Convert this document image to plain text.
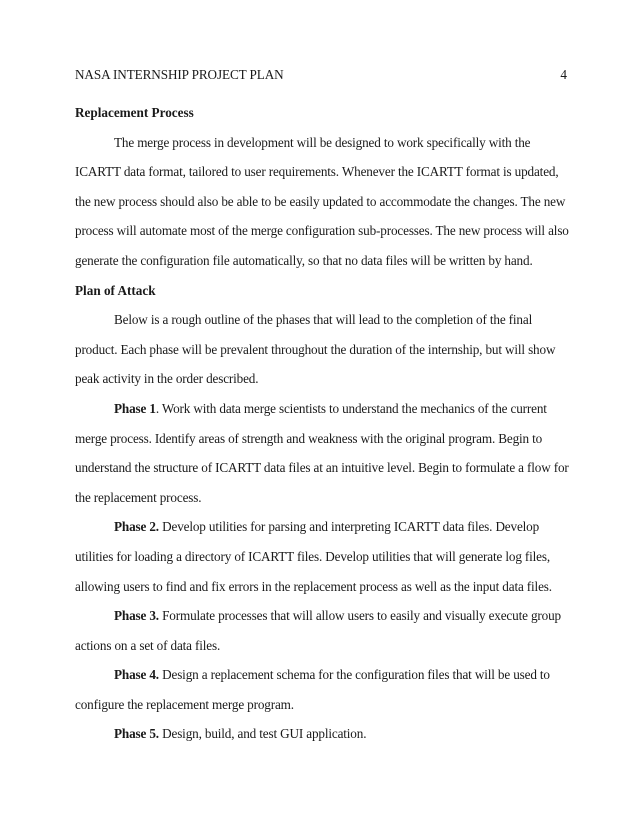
NASA INTERNSHIP PROJECT PLAN	4
Replacement Process
The merge process in development will be designed to work specifically with the
ICARTT data format, tailored to user requirements. Whenever the ICARTT format is updated,
the new process should also be able to be easily updated to accommodate the changes. The new
process will automate most of the merge configuration sub-processes. The new process will also
generate the configuration file automatically, so that no data files will be written by hand.
Plan of Attack
Below is a rough outline of the phases that will lead to the completion of the final
product. Each phase will be prevalent throughout the duration of the internship, but will show
peak activity in the order described.
Phase 1. Work with data merge scientists to understand the mechanics of the current
merge process. Identify areas of strength and weakness with the original program. Begin to
understand the structure of ICARTT data files at an intuitive level. Begin to formulate a flow for
the replacement process.
Phase 2. Develop utilities for parsing and interpreting ICARTT data files. Develop
utilities for loading a directory of ICARTT files. Develop utilities that will generate log files,
allowing users to find and fix errors in the replacement process as well as the input data files.
Phase 3. Formulate processes that will allow users to easily and visually execute group
actions on a set of data files.
Phase 4. Design a replacement schema for the configuration files that will be used to
configure the replacement merge program.
Phase 5. Design, build, and test GUI application.
